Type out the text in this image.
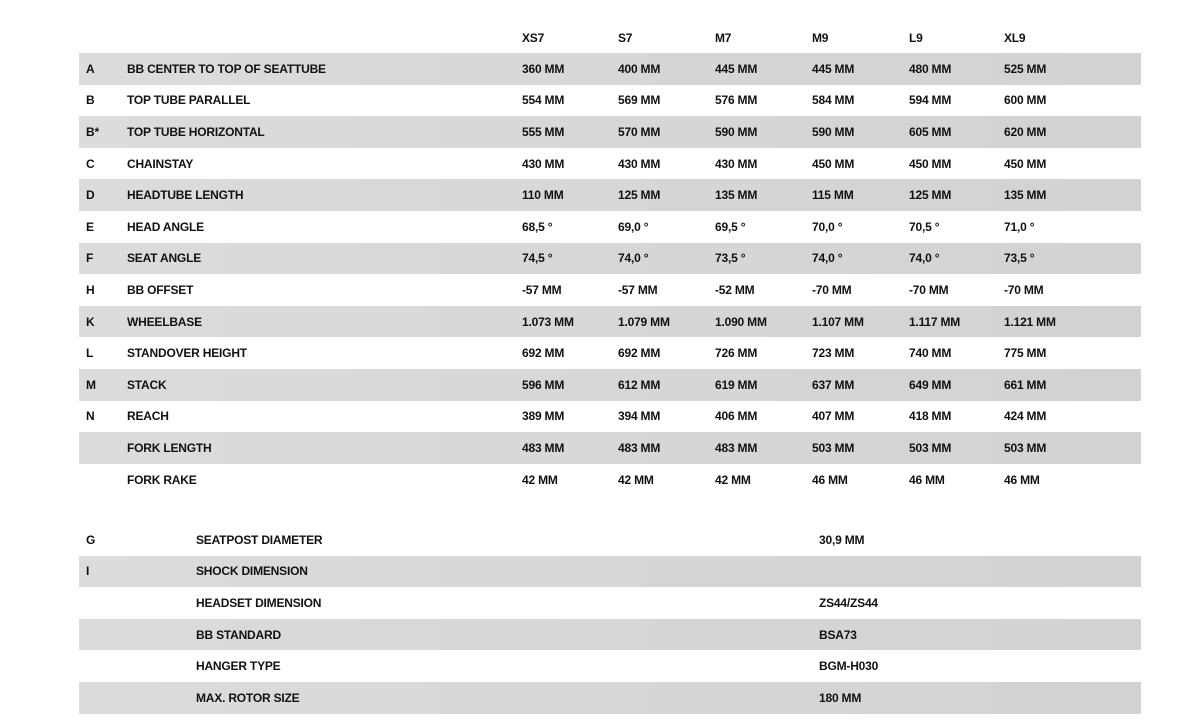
XS7	S7	M7	M9	L9	XL9
A	BB CENTER TO TOP OF SEATTUBE	360 MM	400 MM	445 MM	445 MM	480 MM	525 MM
B	TOP TUBE PARALLEL	554 MM	569 MM	576 MM	584 MM	594 MM	600 MM
B* TOP TUBE HORIZONTAL	555 MM	570 MM	590 MM	590 MM	605 MM	620 MM
C	CHAINSTAY	430 MM	430 MM	430 MM	450 MM	450 MM	450 MM
D	HEADTUBE LENGTH	110 MM	125 MM	135 MM	115 MM	125 MM	135 MM
E	HEAD ANGLE	68,5 °	69,0 °	69,5 °	70,0 °	70,5 °	71,0 °
F	SEAT ANGLE	74,5 °	74,0 °	73,5 °	74,0 °	74,0 °	73,5 °
H	BB OFFSET	-57 MM	-57 MM	-52 MM	-70 MM	-70 MM	-70 MM
K	WHEELBASE	1.073 MM	1.079 MM	1.090 MM	1.107 MM	1.117 MM	1.121 MM
L	STANDOVER HEIGHT	692 MM	692 MM	726 MM	723 MM	740 MM	775 MM
M	STACK	596 MM	612 MM	619 MM	637 MM	649 MM	661 MM
N	REACH	389 MM	394 MM	406 MM	407 MM	418 MM	424 MM
FORK LENGTH	483 MM	483 MM	483 MM	503 MM	503 MM	503 MM
FORK RAKE	42 MM	42 MM	42 MM	46 MM	46 MM	46 MM
G	SEATPOST DIAMETER	30,9 MM
I	SHOCK DIMENSION
HEADSET DIMENSION	ZS44/ZS44
BB STANDARD	BSA73
HANGER TYPE	BGM-H030
MAX. ROTOR SIZE	180 MM
